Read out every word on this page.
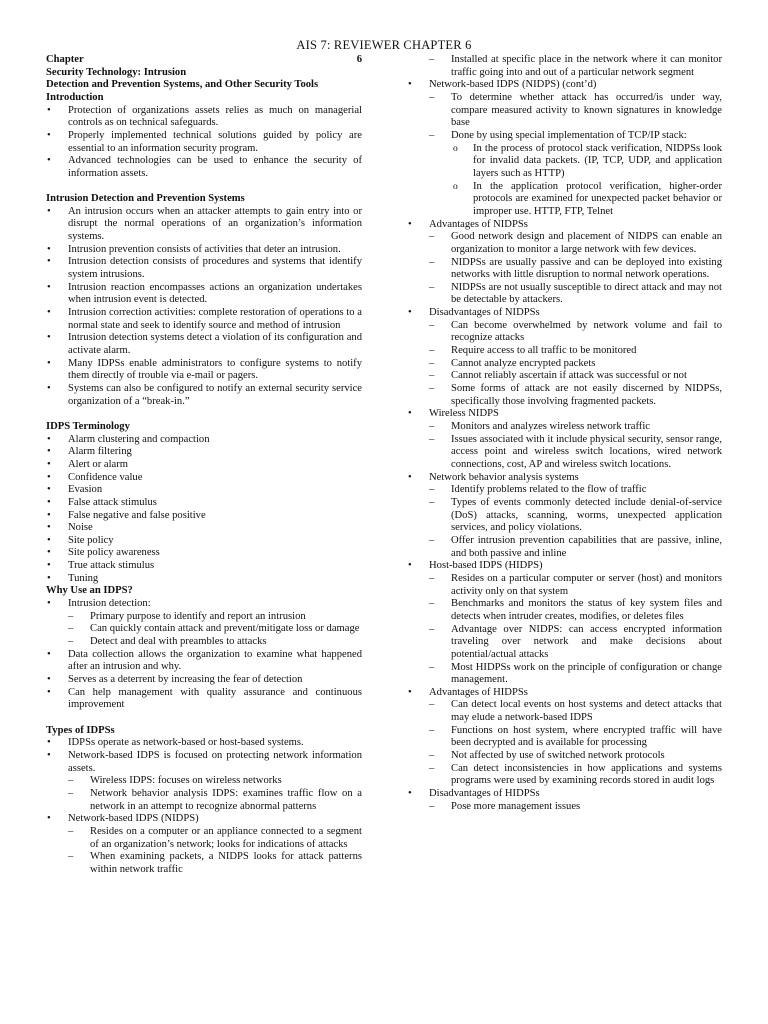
AIS 7: REVIEWER CHAPTER 6
Chapter	6

Security Technology: Intrusion

Detection and Prevention Systems, and Other Security Tools

Introduction

• Protection of organizations assets relies as much on managerial controls as on technical safeguards.
• Properly implemented technical solutions guided by policy are essential to an information security program.
• Advanced technologies can be used to enhance the security of information assets.

Intrusion Detection and Prevention Systems

• An intrusion occurs when an attacker attempts to gain entry into or disrupt the normal operations of an organization’s information systems.
• Intrusion prevention consists of activities that deter an intrusion.
• Intrusion detection consists of procedures and systems that identify system intrusions.
• Intrusion reaction encompasses actions an organization undertakes when intrusion event is detected.
• Intrusion correction activities: complete restoration of operations to a normal state and seek to identify source and method of intrusion
• Intrusion detection systems detect a violation of its configuration and activate alarm.
• Many IDPSs enable administrators to configure systems to notify them directly of trouble via e-mail or pagers.
• Systems can also be configured to notify an external security service organization of a “break-in.”

IDPS Terminology

• Alarm clustering and compaction
• Alarm filtering
• Alert or alarm
• Confidence value
• Evasion
• False attack stimulus
• False negative and false positive
• Noise
• Site policy
• Site policy awareness
• True attack stimulus
• Tuning

Why Use an IDPS?

• Intrusion detection:
– Primary purpose to identify and report an intrusion
– Can quickly contain attack and prevent/mitigate loss or damage
– Detect and deal with preambles to attacks
• Data collection allows the organization to examine what happened after an intrusion and why.
• Serves as a deterrent by increasing the fear of detection
• Can help management with quality assurance and continuous improvement

Types of IDPSs

• IDPSs operate as network-based or host-based systems.
• Network-based IDPS is focused on protecting network information assets.
– Wireless IDPS: focuses on wireless networks
– Network behavior analysis IDPS: examines traffic flow on a network in an attempt to recognize abnormal patterns
• Network-based IDPS (NIDPS)
– Resides on a computer or an appliance connected to a segment of an organization’s network; looks for indications of attacks
– When examining packets, a NIDPS looks for attack patterns within network traffic
– Installed at specific place in the network where it can monitor traffic going into and out of a particular network segment
• Network-based IDPS (NIDPS) (cont’d)
– To determine whether attack has occurred/is under way, compare measured activity to known signatures in knowledge base
– Done by using special implementation of TCP/IP stack:
o In the process of protocol stack verification, NIDPSs look for invalid data packets. (IP, TCP, UDP, and application layers such as HTTP)
o In the application protocol verification, higher-order protocols are examined for unexpected packet behavior or improper use. HTTP, FTP, Telnet
• Advantages of NIDPSs
– Good network design and placement of NIDPS can enable an organization to monitor a large network with few devices.
– NIDPSs are usually passive and can be deployed into existing networks with little disruption to normal network operations.
– NIDPSs are not usually susceptible to direct attack and may not be detectable by attackers.
• Disadvantages of NIDPSs
– Can become overwhelmed by network volume and fail to recognize attacks
– Require access to all traffic to be monitored
– Cannot analyze encrypted packets
– Cannot reliably ascertain if attack was successful or not
– Some forms of attack are not easily discerned by NIDPSs, specifically those involving fragmented packets.
• Wireless NIDPS
– Monitors and analyzes wireless network traffic
– Issues associated with it include physical security, sensor range, access point and wireless switch locations, wired network connections, cost, AP and wireless switch locations.
• Network behavior analysis systems
– Identify problems related to the flow of traffic
– Types of events commonly detected include denial-of-service (DoS) attacks, scanning, worms, unexpected application services, and policy violations.
– Offer intrusion prevention capabilities that are passive, inline, and both passive and inline
• Host-based IDPS (HIDPS)
– Resides on a particular computer or server (host) and monitors activity only on that system
– Benchmarks and monitors the status of key system files and detects when intruder creates, modifies, or deletes files
– Advantage over NIDPS: can access encrypted information traveling over network and make decisions about potential/actual attacks
– Most HIDPSs work on the principle of configuration or change management.
• Advantages of HIDPSs
– Can detect local events on host systems and detect attacks that may elude a network-based IDPS
– Functions on host system, where encrypted traffic will have been decrypted and is available for processing
– Not affected by use of switched network protocols
– Can detect inconsistencies in how applications and systems programs were used by examining records stored in audit logs
• Disadvantages of HIDPSs
– Pose more management issues
